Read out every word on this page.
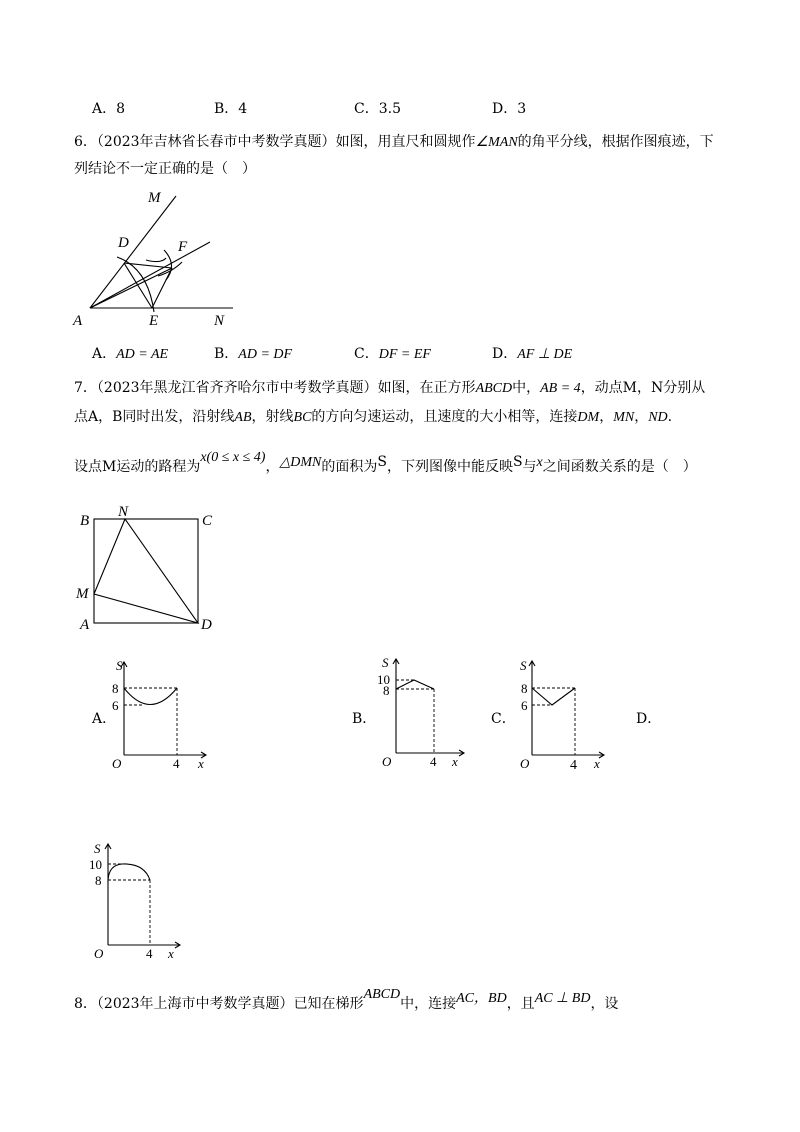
A．8	B．4	C．3.5	D．3
6．（2023年吉林省长春市中考数学真题）如图，用直尺和圆规作∠MAN的角平分线，根据作图痕迹，下
列结论不一定正确的是（　）
M
D	F
A	E	N
A．AD = AE	B．AD = DF	C．DF = EF	D．AF ⊥ DE
7．（2023年黑龙江省齐齐哈尔市中考数学真题）如图，在正方形ABCD中，AB = 4，动点M，N分别从
点A，B同时出发，沿射线AB，射线BC的方向匀速运动，且速度的大小相等，连接DM，MN，ND.
设点M运动的路程为x(0 ≤ x ≤ 4)，△DMN的面积为S，下列图像中能反映S与x之间函数关系的是（　）
B
N
C
M
A	D
A．	B．	C．	D．
S
8
6
O	4 x
S
10
8
O	4 x
S
8
6
O	4 x
S
10
8
O	4 x
8．（2023年上海市中考数学真题）已知在梯形ABCD中，连接AC，BD，且AC ⊥ BD，设
